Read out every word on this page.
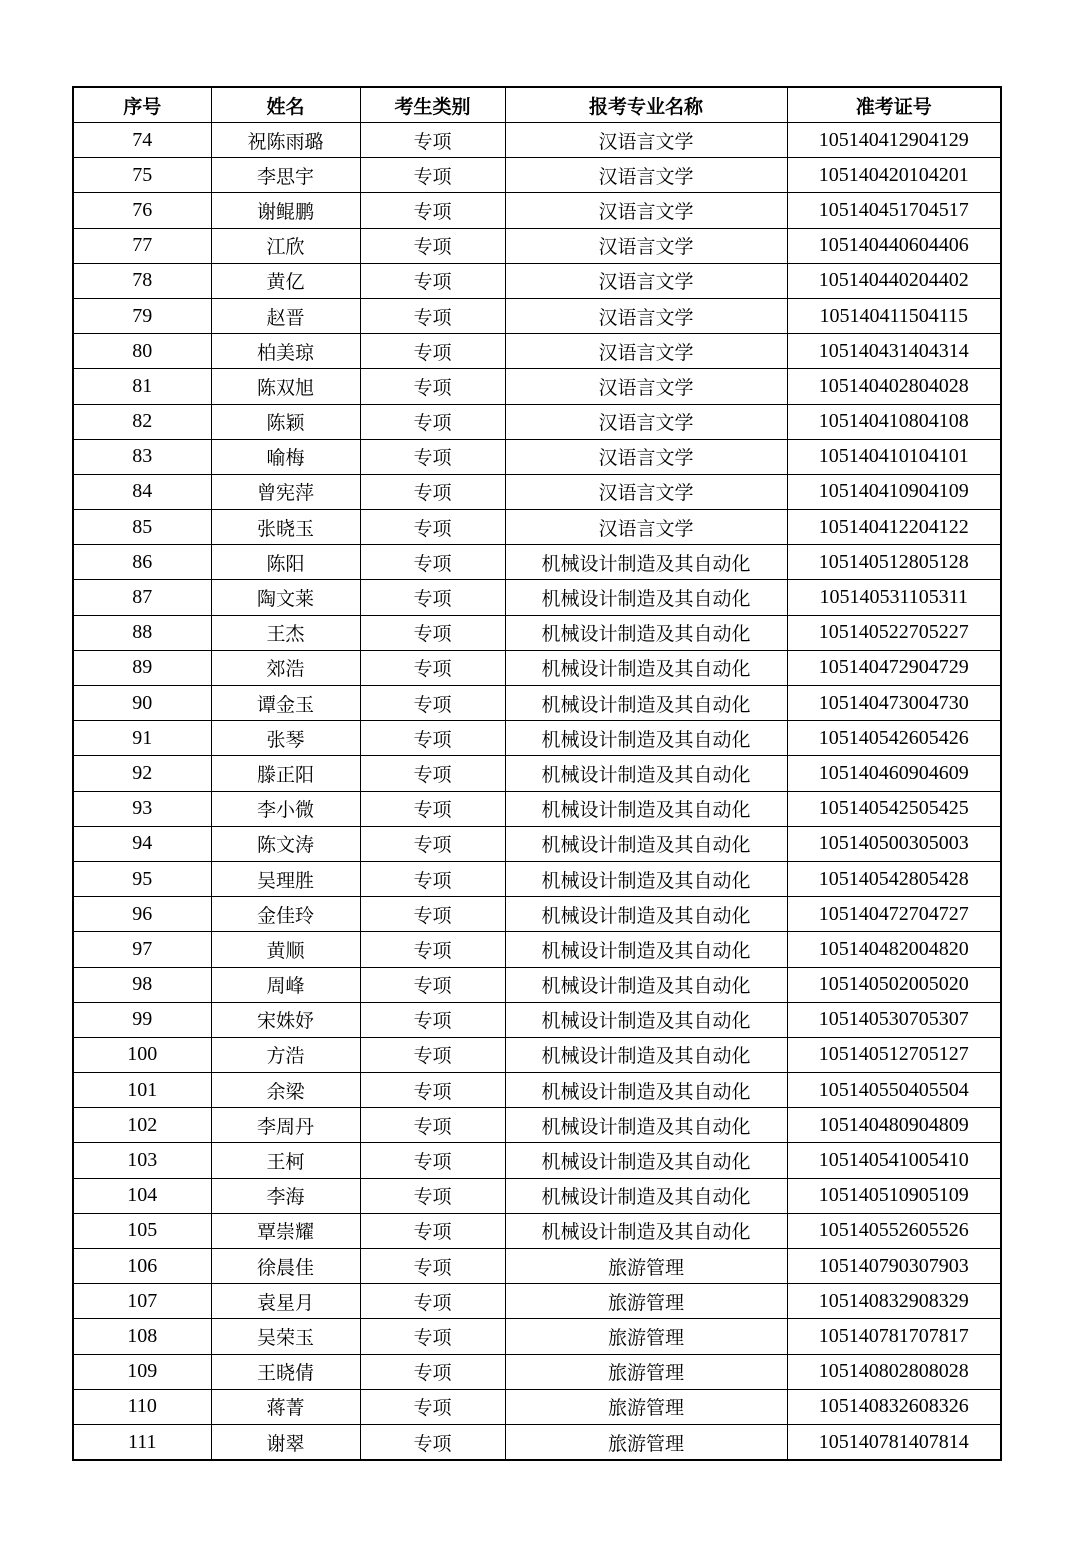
序号	姓名	考生类别	报考专业名称	准考证号
74	祝陈雨璐	专项	汉语言文学	105140412904129
75	李思宇	专项	汉语言文学	105140420104201
76	谢鲲鹏	专项	汉语言文学	105140451704517
77	江欣	专项	汉语言文学	105140440604406
78	黄亿	专项	汉语言文学	105140440204402
79	赵晋	专项	汉语言文学	105140411504115
80	柏美琼	专项	汉语言文学	105140431404314
81	陈双旭	专项	汉语言文学	105140402804028
82	陈颖	专项	汉语言文学	105140410804108
83	喻梅	专项	汉语言文学	105140410104101
84	曾宪萍	专项	汉语言文学	105140410904109
85	张晓玉	专项	汉语言文学	105140412204122
86	陈阳	专项	机械设计制造及其自动化	105140512805128
87	陶文莱	专项	机械设计制造及其自动化	105140531105311
88	王杰	专项	机械设计制造及其自动化	105140522705227
89	郊浩	专项	机械设计制造及其自动化	105140472904729
90	谭金玉	专项	机械设计制造及其自动化	105140473004730
91	张琴	专项	机械设计制造及其自动化	105140542605426
92	滕正阳	专项	机械设计制造及其自动化	105140460904609
93	李小微	专项	机械设计制造及其自动化	105140542505425
94	陈文涛	专项	机械设计制造及其自动化	105140500305003
95	吴理胜	专项	机械设计制造及其自动化	105140542805428
96	金佳玲	专项	机械设计制造及其自动化	105140472704727
97	黄顺	专项	机械设计制造及其自动化	105140482004820
98	周峰	专项	机械设计制造及其自动化	105140502005020
99	宋姝妤	专项	机械设计制造及其自动化	105140530705307
100	方浩	专项	机械设计制造及其自动化	105140512705127
101	余梁	专项	机械设计制造及其自动化	105140550405504
102	李周丹	专项	机械设计制造及其自动化	105140480904809
103	王柯	专项	机械设计制造及其自动化	105140541005410
104	李海	专项	机械设计制造及其自动化	105140510905109
105	覃崇耀	专项	机械设计制造及其自动化	105140552605526
106	徐晨佳	专项	旅游管理	105140790307903
107	袁星月	专项	旅游管理	105140832908329
108	吴荣玉	专项	旅游管理	105140781707817
109	王晓倩	专项	旅游管理	105140802808028
110	蒋菁	专项	旅游管理	105140832608326
111	谢翠	专项	旅游管理	105140781407814
